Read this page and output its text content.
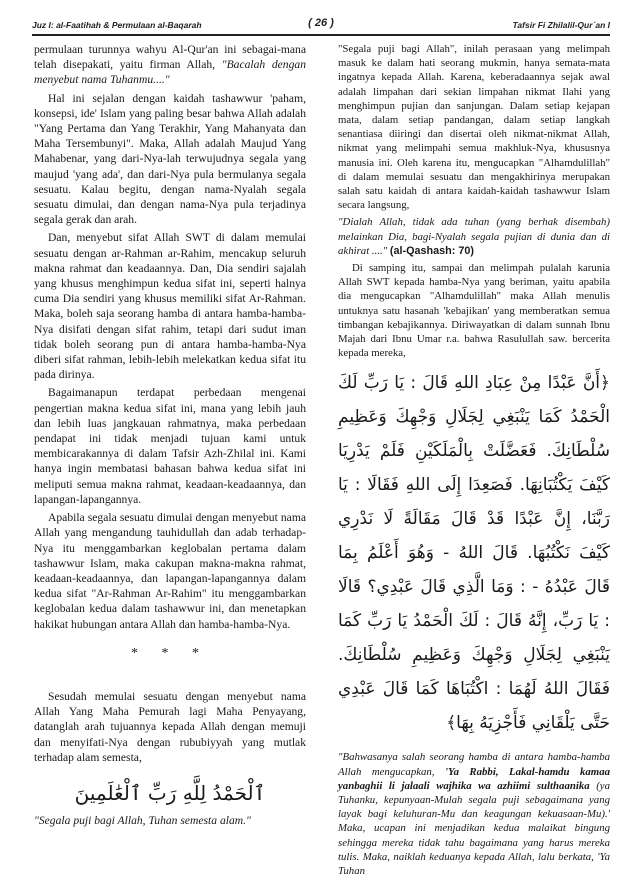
Juz I: al-Faatihah & Permulaan al-Baqarah	( 26 )	Tafsir Fi Zhilalil-Qur´an I

permulaan turunnya wahyu Al-Qur'an ini sebagai-mana telah disepakati, yaitu firman Allah, "Bacalah dengan menyebut nama Tuhanmu...."

Hal ini sejalan dengan kaidah tashawwur 'paham, konsepsi, ide' Islam yang paling besar bahwa Allah adalah "Yang Pertama dan Yang Terakhir, Yang Mahanyata dan Maha Tersembunyi". Maka, Allah adalah Maujud Yang Mahabenar, yang dari-Nya-lah terwujudnya segala yang maujud 'yang ada', dan dari-Nya pula bermulanya segala sesuatu. Kalau begitu, dengan nama-Nyalah segala sesuatu dimulai, dan dengan nama-Nya pula terjadinya segala gerak dan arah.

Dan, menyebut sifat Allah SWT di dalam memulai sesuatu dengan ar-Rahman ar-Rahim, mencakup seluruh makna rahmat dan keadaannya. Dan, Dia sendiri sajalah yang khusus menghimpun kedua sifat ini, seperti halnya cuma Dia sendiri yang khusus memiliki sifat Ar-Rahman. Maka, boleh saja seorang hamba di antara hamba-hamba-Nya disifati dengan sifat rahim, tetapi dari sudut iman tidak boleh seorang pun di antara hamba-hamba-Nya diberi sifat rahman, lebih-lebih melekatkan kedua sifat itu pada dirinya.

Bagaimanapun terdapat perbedaan mengenai pengertian makna kedua sifat ini, mana yang lebih jauh dan lebih luas jangkauan rahmatnya, maka perbedaan pendapat ini tidak menjadi tujuan kami untuk membicarakannya di dalam Tafsir Azh-Zhilal ini. Kami hanya ingin membatasi bahasan bahwa kedua sifat ini meliputi semua makna rahmat, keadaan-keadaannya, dan lapangan-lapangannya.

Apabila segala sesuatu dimulai dengan menyebut nama Allah yang mengandung tauhidullah dan adab terhadap-Nya itu menggambarkan keglobalan pertama dalam tashawwur Islam, maka cakupan makna-makna rahmat, keadaan-keadaannya, dan lapangan-lapangannya dalam kedua sifat "Ar-Rahman Ar-Rahim" itu menggambarkan keglobalan kedua dalam tashawwur ini, dan menetapkan hakikat hubungan antara Allah dan hamba-hamba-Nya.

* * *

Sesudah memulai sesuatu dengan menyebut nama Allah Yang Maha Pemurah lagi Maha Penyayang, datanglah arah tujuannya kepada Allah dengan memuji dan menyifati-Nya dengan rububiyyah yang mutlak terhadap alam semesta,

ٱلْحَمْدُ لِلَّهِ رَبِّ ٱلْعَٰلَمِينَ

"Segala puji bagi Allah, Tuhan semesta alam."

"Segala puji bagi Allah", inilah perasaan yang melimpah masuk ke dalam hati seorang mukmin, hanya semata-mata ingatnya kepada Allah. Karena, keberadaannya sejak awal adalah limpahan dari sekian limpahan nikmat Ilahi yang menghimpun pujian dan sanjungan. Dalam setiap kejapan mata, dalam setiap pandangan, dalam setiap langkah senantiasa diiringi dan disertai oleh nikmat-nikmat Allah, nikmat yang melimpahi semua makhluk-Nya, khususnya manusia ini. Oleh karena itu, mengucapkan "Alhamdulillah" di dalam memulai sesuatu dan mengakhirinya merupakan salah satu kaidah di antara kaidah-kaidah tashawwur Islam secara langsung,

"Dialah Allah, tidak ada tuhan (yang berhak disembah) melainkan Dia, bagi-Nyalah segala pujian di dunia dan di akhirat ...." (al-Qashash: 70)

Di samping itu, sampai dan melimpah pulalah karunia Allah SWT kepada hamba-Nya yang beriman, yaitu apabila dia mengucapkan "Alhamdulillah" maka Allah menulis untuknya satu hasanah 'kebajikan' yang memberatkan semua timbangan kebajikannya. Diriwayatkan di dalam sunnah Ibnu Majah dari Ibnu Umar r.a. bahwa Rasulullah saw. bercerita kepada mereka,

﴿أَنَّ عَبْدًا مِنْ عِبَادِ اللهِ قَالَ : يَا رَبِّ لَكَ الْحَمْدُ كَمَا يَنْبَغِي لِجَلَالِ وَجْهِكَ وَعَظِيمِ سُلْطَانِكَ. فَعَضَّلَتْ بِالْمَلَكَيْنِ فَلَمْ يَدْرِيَا كَيْفَ يَكْتُبَانِهَا. فَصَعِدَا إِلَى اللهِ فَقَالَا : يَا رَبَّنَا، إِنَّ عَبْدًا قَدْ قَالَ مَقَالَةً لَا نَدْرِي كَيْفَ نَكْتُبُهَا. قَالَ اللهُ - وَهُوَ أَعْلَمُ بِمَا قَالَ عَبْدُهُ - : وَمَا الَّذِي قَالَ عَبْدِي؟ قَالَا : يَا رَبِّ، إِنَّهُ قَالَ : لَكَ الْحَمْدُ يَا رَبِّ كَمَا يَنْبَغِي لِجَلَالِ وَجْهِكَ وَعَظِيمِ سُلْطَانِكَ. فَقَالَ اللهُ لَهُمَا : اكْتُبَاهَا كَمَا قَالَ عَبْدِي حَتَّى يَلْقَانِي فَأَجْزِيَهُ بِهَا﴾

"Bahwasanya salah seorang hamba di antara hamba-hamba Allah mengucapkan, 'Ya Rabbi, Lakal-hamdu kamaa yanbaghii li jalaali wajhika wa azhiimi sulthaanika (ya Tuhanku, kepunyaan-Mulah segala puji sebagaimana yang layak bagi keluhuran-Mu dan keagungan kekuasaan-Mu).' Maka, ucapan ini menjadikan kedua malaikat bingung sehingga mereka tidak tahu bagaimana yang harus mereka tulis. Maka, naiklah keduanya kepada Allah, lalu berkata, 'Ya Tuhan
